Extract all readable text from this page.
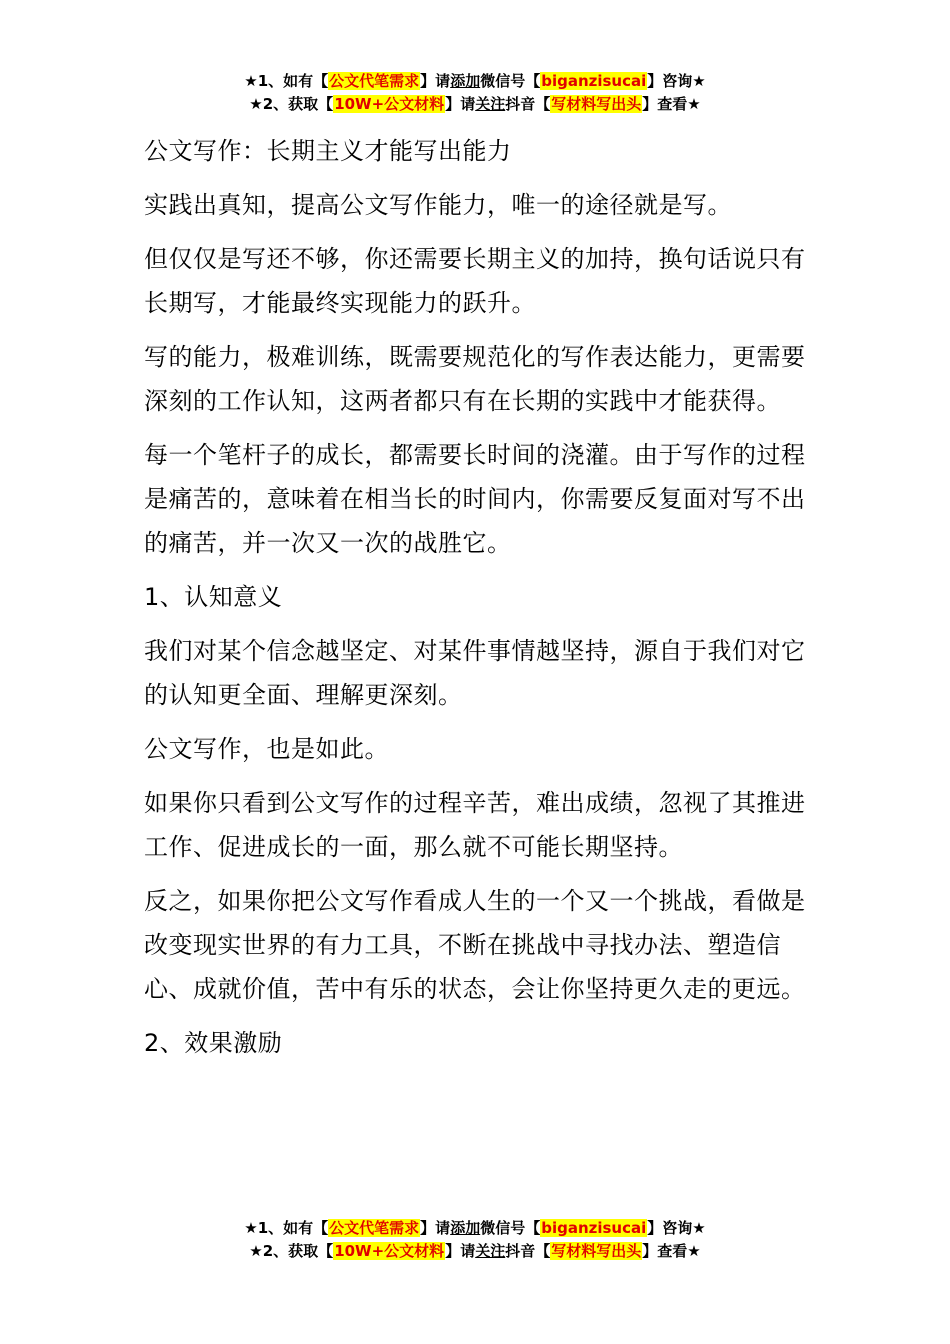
★1、如有【公文代笔需求】请添加微信号【biganzisucai】咨询★
★2、获取【10W+公文材料】请关注抖音【写材料写出头】查看★

公文写作：长期主义才能写出能力

实践出真知，提高公文写作能力，唯一的途径就是写。

但仅仅是写还不够，你还需要长期主义的加持，换句话说只有长期写，才能最终实现能力的跃升。

写的能力，极难训练，既需要规范化的写作表达能力，更需要深刻的工作认知，这两者都只有在长期的实践中才能获得。

每一个笔杆子的成长，都需要长时间的浇灌。由于写作的过程是痛苦的，意味着在相当长的时间内，你需要反复面对写不出的痛苦，并一次又一次的战胜它。

1、认知意义

我们对某个信念越坚定、对某件事情越坚持，源自于我们对它的认知更全面、理解更深刻。

公文写作，也是如此。

如果你只看到公文写作的过程辛苦，难出成绩，忽视了其推进工作、促进成长的一面，那么就不可能长期坚持。

反之，如果你把公文写作看成人生的一个又一个挑战，看做是改变现实世界的有力工具，不断在挑战中寻找办法、塑造信心、成就价值，苦中有乐的状态，会让你坚持更久走的更远。

2、效果激励

★1、如有【公文代笔需求】请添加微信号【biganzisucai】咨询★
★2、获取【10W+公文材料】请关注抖音【写材料写出头】查看★
